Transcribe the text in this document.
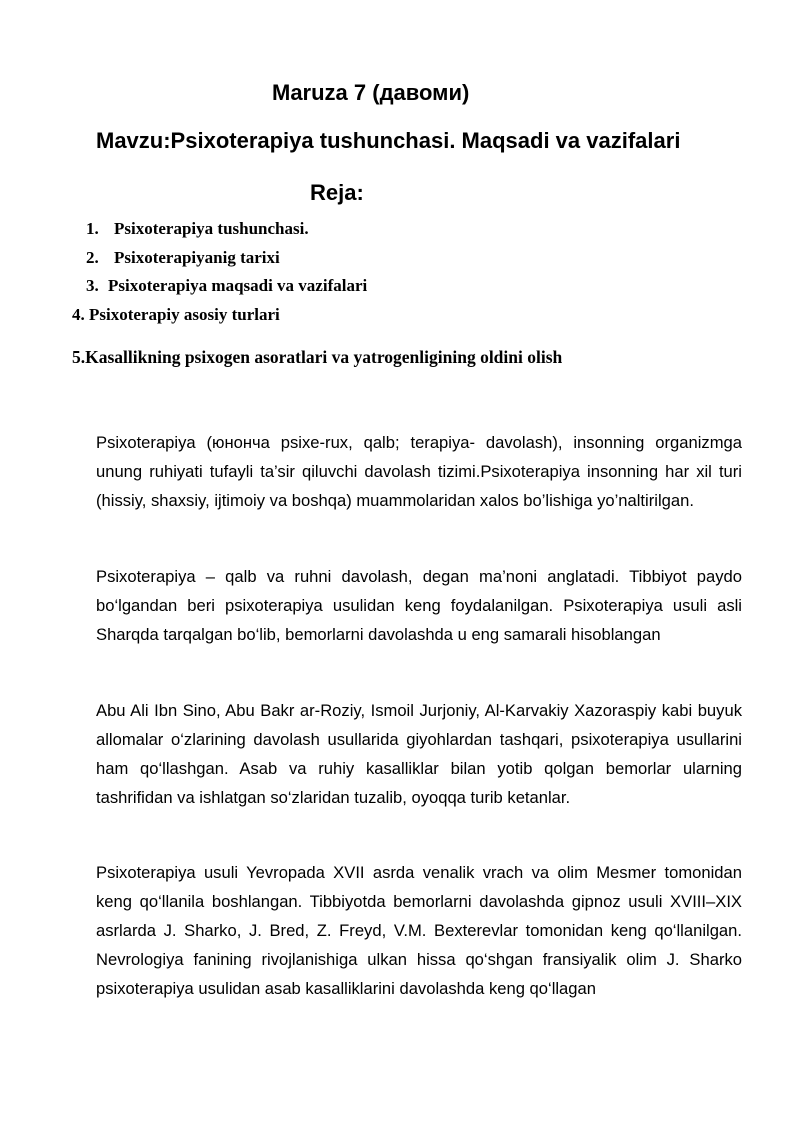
Maruza 7 (давоми)
Mavzu:Psixoterapiya tushunchasi. Maqsadi va vazifalari
Reja:
1. Psixoterapiya tushunchasi.
2. Psixoterapiyanig tarixi
3. Psixoterapiya maqsadi va vazifalari
4. Psixoterapiy asosiy turlari
5.Kasallikning psixogen asoratlari va yatrogenligining oldini olish

Psixoterapiya (юнонча psixe-rux, qalb; terapiya- davolash), insonning organizmga unung ruhiyati tufayli ta’sir qiluvchi davolash tizimi.Psixoterapiya insonning har xil turi (hissiy, shaxsiy, ijtimoiy va boshqa) muammolaridan xalos bo’lishiga yo’naltirilgan.

Psixoterapiya – qalb va ruhni davolash, degan ma’noni anglatadi. Tibbiyot paydo bo‘lgandan beri psixoterapiya usulidan keng foydalanilgan. Psixoterapiya usuli asli Sharqda tarqalgan bo‘lib, bemorlarni davolashda u eng samarali hisoblangan

Abu Ali Ibn Sino, Abu Bakr ar-Roziy, Ismoil Jurjoniy, Al-Karvakiy Xazoraspiy kabi buyuk allomalar o‘zlarining davolash usullarida giyohlardan tashqari, psixoterapiya usullarini ham qo‘llashgan. Asab va ruhiy kasalliklar bilan yotib qolgan bemorlar ularning tashrifidan va ishlatgan so‘zlaridan tuzalib, oyoqqa turib ketanlar.

Psixoterapiya usuli Yevropada XVII asrda venalik vrach va olim Mesmer tomonidan keng qo‘llanila boshlangan. Tibbiyotda bemorlarni davolashda gipnoz usuli XVIII–XIX asrlarda J. Sharko, J. Bred, Z. Freyd, V.M. Bexterevlar tomonidan keng qo‘llanilgan. Nevrologiya fanining rivojlanishiga ulkan hissa qo‘shgan fransiyalik olim J. Sharko psixoterapiya usulidan asab kasalliklarini davolashda keng qo‘llagan
